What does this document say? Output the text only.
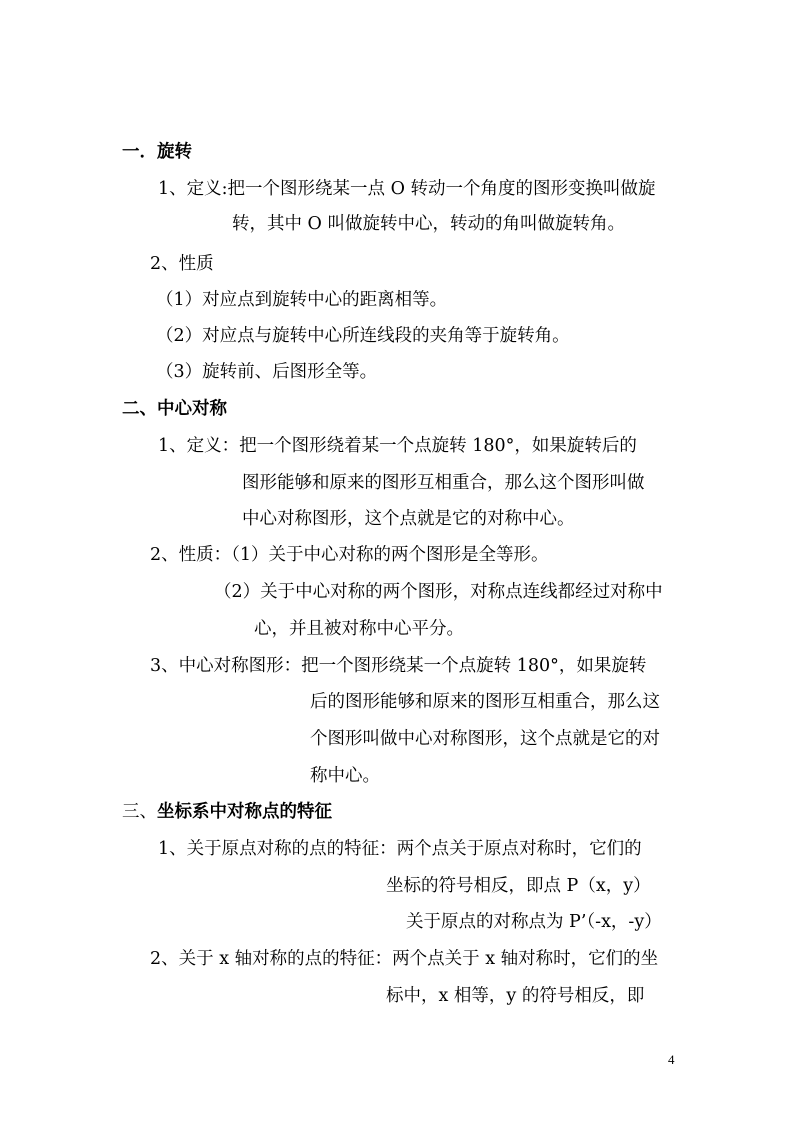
一．旋转
1、定义:把一个图形绕某一点 O 转动一个角度的图形变换叫做旋
转，其中 O 叫做旋转中心，转动的角叫做旋转角。
2、性质
（1）对应点到旋转中心的距离相等。
（2）对应点与旋转中心所连线段的夹角等于旋转角。
（3）旋转前、后图形全等。
二、中心对称
1、定义：把一个图形绕着某一个点旋转 180°，如果旋转后的
图形能够和原来的图形互相重合，那么这个图形叫做
中心对称图形，这个点就是它的对称中心。
2、性质：（1）关于中心对称的两个图形是全等形。
（2）关于中心对称的两个图形，对称点连线都经过对称中
心，并且被对称中心平分。
3、中心对称图形：把一个图形绕某一个点旋转 180°，如果旋转
后的图形能够和原来的图形互相重合，那么这
个图形叫做中心对称图形，这个点就是它的对
称中心。
三、坐标系中对称点的特征
1、关于原点对称的点的特征：两个点关于原点对称时，它们的
坐标的符号相反，即点 P（x，y）
关于原点的对称点为 P’（-x，-y）
2、关于 x 轴对称的点的特征：两个点关于 x 轴对称时，它们的坐
标中，x 相等，y 的符号相反，即
4
